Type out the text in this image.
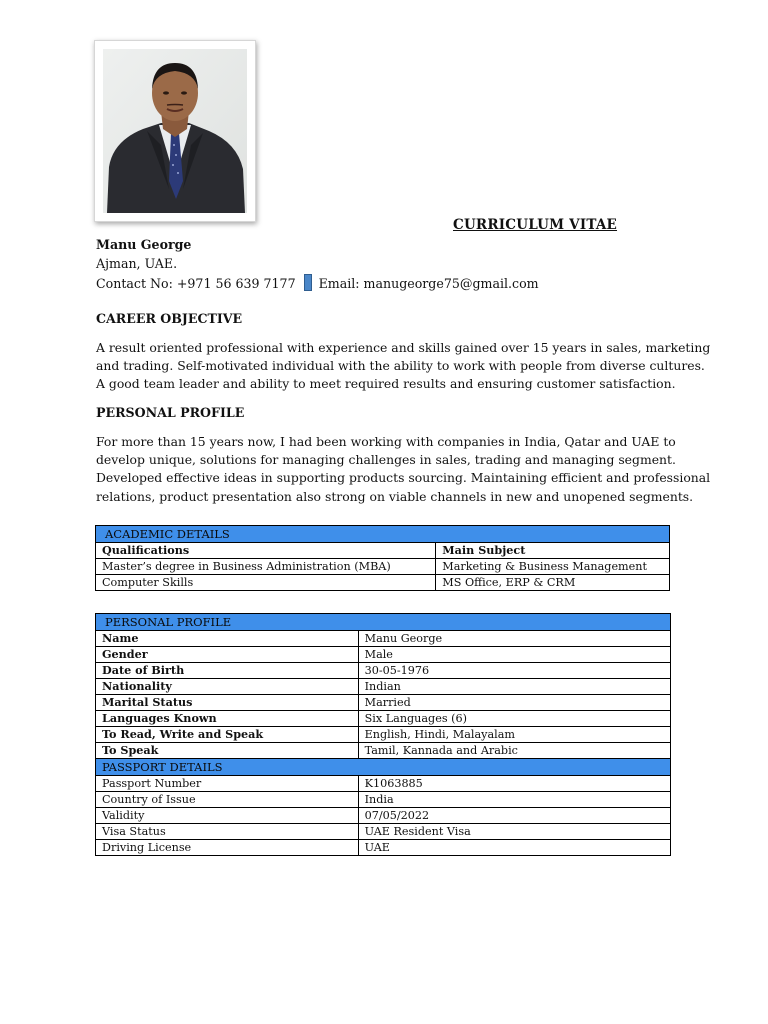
CURRICULUM VITAE
Manu George
Ajman, UAE.
Contact No: +971 56 639 7177 Email: manugeorge75@gmail.com
CAREER OBJECTIVE
A result oriented professional with experience and skills gained over 15 years in sales, marketing
and trading. Self-motivated individual with the ability to work with people from diverse cultures.
A good team leader and ability to meet required results and ensuring customer satisfaction.
PERSONAL PROFILE
For more than 15 years now, I had been working with companies in India, Qatar and UAE to
develop unique, solutions for managing challenges in sales, trading and managing segment.
Developed effective ideas in supporting products sourcing. Maintaining efficient and professional
relations, product presentation also strong on viable channels in new and unopened segments.
ACADEMIC DETAILS	
Qualifications	Main Subject
Master’s degree in Business Administration (MBA)	Marketing & Business Management
Computer Skills	MS Office, ERP & CRM
PERSONAL PROFILE	
Name	Manu George
Gender	Male
Date of Birth	30-05-1976
Nationality	Indian
Marital Status	Married
Languages Known	Six Languages (6)
To Read, Write and Speak	English, Hindi, Malayalam
To Speak	Tamil, Kannada and Arabic
PASSPORT DETAILS	
Passport Number	K1063885
Country of Issue	India
Validity	07/05/2022
Visa Status	UAE Resident Visa
Driving License	UAE
